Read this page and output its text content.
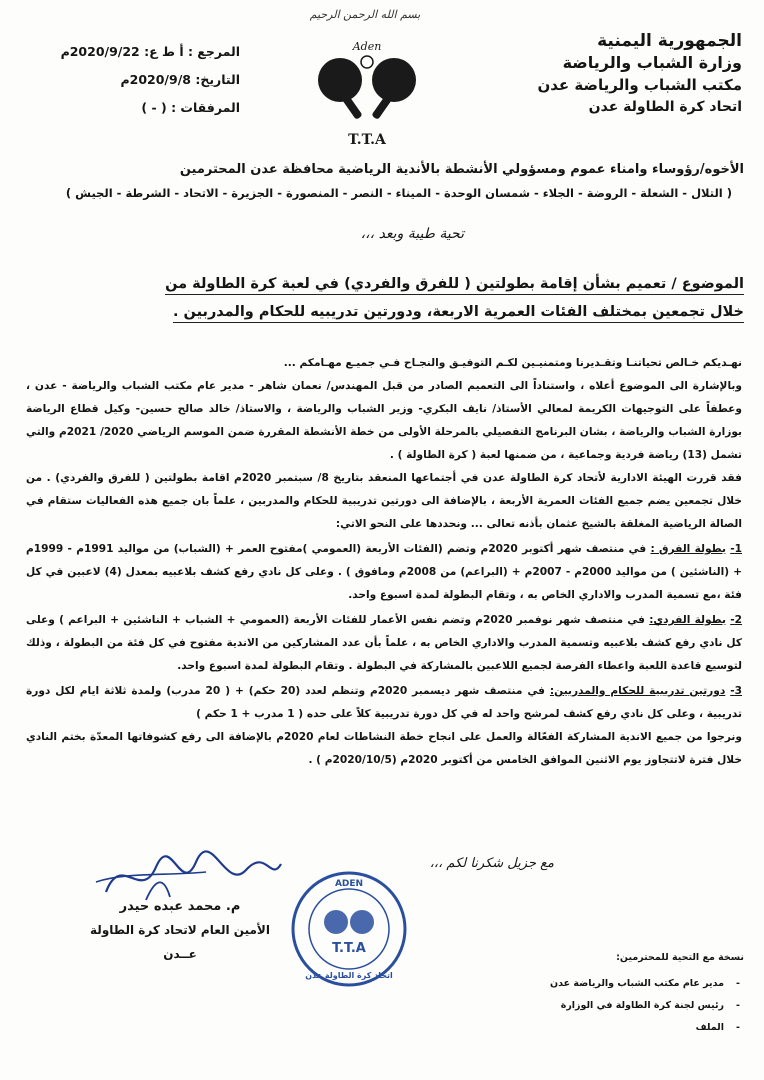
بسم الله الرحمن الرحيم
الجمهورية اليمنية
وزارة الشباب والرياضة
مكتب الشباب والرياضة عدن
اتحاد كرة الطاولة عدن
Aden
T.T.A
المرجع : أ ط ع: 2020/9/22م
التاريخ: 2020/9/8م
المرفقات : ( - )
الأخوه/رؤوساء وامناء عموم ومسؤولي الأنشطة بالأندية الرياضية محافظة عدن المحترمين
( التلال - الشعلة - الروضة - الجلاء - شمسان الوحدة - الميناء - النصر - المنصورة - الجزيرة - الاتحاد - الشرطة - الجيش )
تحية طيبة وبعد ،،،
الموضوع / تعميم بشأن إقامة بطولتين ( للفرق والفردي) في لعبة كرة الطاولة من
خلال تجمعين بمختلف الفئات العمرية الاربعة، ودورتين تدريبيه للحكام والمدربين .

نهـديكم خـالص تحياتنـا وتقـديرنا ومتمنيـين لكـم التوفيـق والنجـاح فـي جميـع مهـامكم ...

وبالإشارة الى الموضوع أعلاه ، واستناداً الى التعميم الصادر من قبل المهندس/ نعمان شاهر - مدير عام مكتب الشباب والرياضة - عدن ، وعطفاً على التوجيهات الكريمة لمعالي الأستاذ/ نايف البكري- وزير الشباب والرياضة ، والاستاذ/ خالد صالح حسين- وكيل قطاع الرياضة بوزارة الشباب والرياضة ، بشان البرنامج التفصيلي بالمرحلة الأولى من خطة الأنشطة المقررة ضمن الموسم الرياضي 2020/ 2021م والتي تشمل (13) رياضة فردية وجماعية ، من ضمنها لعبة ( كرة الطاولة ) .

فقد قررت الهيئة الادارية لأتحاد كرة الطاولة عدن في أجتماعها المنعقد بتاريخ 8/ سبتمبر 2020م اقامة بطولتين ( للفرق والفردي) . من خلال تجمعين يضم جميع الفئات العمرية الأربعة ، بالإضافة الى دورتين تدريبية للحكام والمدربين ، علماً بان جميع هذه الفعاليات ستقام في الصالة الرياضية المغلقة بالشيخ عثمان بأذنه تعالى ... ونحددها على النحو الاتي:

1- بطولة الفرق : في منتصف شهر أكتوبر 2020م وتضم (الفئات الأربعة (العمومي )مفتوح العمر + (الشباب) من مواليد 1991م - 1999م + (الناشئين ) من مواليد 2000م - 2007م + (البراعم) من 2008م ومافوق ) . وعلى كل نادي رفع كشف بلاعبيه بمعدل (4) لاعبين في كل فئة ،مع تسمية المدرب والاداري الخاص به ، وتقام البطولة لمدة اسبوع واحد.

2- بطولة الفردي: في منتصف شهر نوفمبر 2020م وتضم نفس الأعمار للفئات الأربعة (العمومي + الشباب + الناشئين + البراعم ) وعلى كل نادي رفع كشف بلاعبيه وتسمية المدرب والاداري الخاص به ، علماً بأن عدد المشاركين من الاندية مفتوح في كل فئة من البطولة ، وذلك لتوسيع قاعدة اللعبة واعطاء الفرصة لجميع اللاعبين بالمشاركة في البطولة . وتقام البطولة لمدة اسبوع واحد.

3- دورتين تدريبية للحكام والمدربين: في منتصف شهر ديسمبر 2020م وتنظم لعدد (20 حكم) + ( 20 مدرب) ولمدة ثلاثة ايام لكل دورة تدريبية ، وعلى كل نادي رفع كشف لمرشح واحد له في كل دورة تدريبية كلاً على حده ( 1 مدرب + 1 حكم )

ونرجوا من جميع الاندية المشاركة الفعّالة والعمل على انجاح خطة النشاطات لعام 2020م بالإضافة الى رفع كشوفاتها المعدّة بختم النادي خلال فترة لاتتجاوز يوم الاثنين الموافق الخامس من أكتوبر 2020م (2020/10/5م ) .

مع جزيل شكرنا لكم ،،،
م. محمد عبده حيدر
الأمين العام لاتحاد كرة الطاولة
عــدن
ADEN
T.T.A
اتحاد كرة الطاولة عدن
نسخة مع التحية للمحترمين:
-مدير عام مكتب الشباب والرياضة عدن
-رئيس لجنة كرة الطاولة في الوزارة
-الملف
